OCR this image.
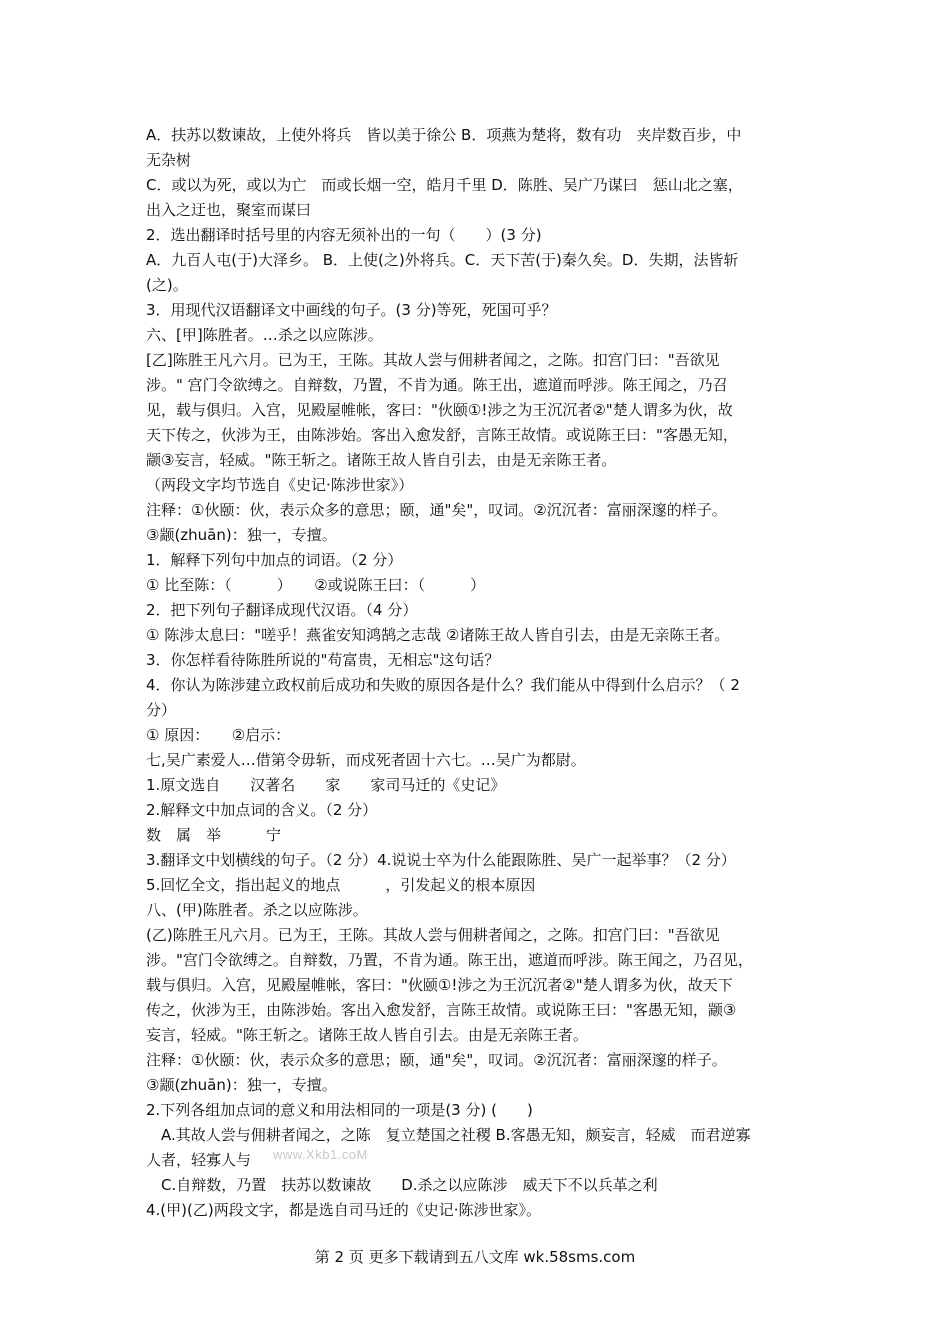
A．扶苏以数谏故，上使外将兵　皆以美于徐公 B．项燕为楚将，数有功　夹岸数百步，中
无杂树
C．或以为死，或以为亡　而或长烟一空，皓月千里 D．陈胜、吴广乃谋曰　惩山北之塞，
出入之迂也，聚室而谋曰
2．选出翻译时括号里的内容无须补出的一句（　　）(3 分)
A．九百人屯(于)大泽乡。 B．上使(之)外将兵。C．天下苦(于)秦久矣。D．失期，法皆斩
(之)。
3．用现代汉语翻译文中画线的句子。(3 分)等死，死国可乎？
六、[甲]陈胜者。…杀之以应陈涉。
[乙]陈胜王凡六月。已为王，王陈。其故人尝与佣耕者闻之，之陈。扣宫门曰："吾欲见
涉。" 宫门令欲缚之。自辩数，乃置，不肯为通。陈王出，遮道而呼涉。陈王闻之，乃召
见，载与俱归。入宫，见殿屋帷帐，客曰："伙颐①!涉之为王沉沉者②"楚人谓多为伙，故
天下传之，伙涉为王，由陈涉始。客出入愈发舒，言陈王故情。或说陈王曰："客愚无知，
颛③妄言，轻威。"陈王斩之。诸陈王故人皆自引去，由是无亲陈王者。
（两段文字均节选自《史记·陈涉世家》）
注释：①伙颐：伙，表示众多的意思；颐，通"矣"，叹词。②沉沉者：富丽深邃的样子。
③颛(zhuān)：独一，专擅。
1．解释下列句中加点的词语。（2 分）
① 比至陈：（　　　）　　②或说陈王曰：（　　　）
2．把下列句子翻译成现代汉语。（4 分）
① 陈涉太息曰："嗟乎！燕雀安知鸿鹄之志哉 ②诸陈王故人皆自引去，由是无亲陈王者。
3．你怎样看待陈胜所说的"苟富贵，无相忘"这句话？
4．你认为陈涉建立政权前后成功和失败的原因各是什么？我们能从中得到什么启示？（ 2
分）
① 原因：　　②启示：
七,吴广素爱人…借第令毋斩，而戍死者固十六七。…吴广为都尉。
1.原文选自　　汉著名　　家　　家司马迁的《史记》
2.解释文中加点词的含义。（2 分）
数　属　举　　　宁
3.翻译文中划横线的句子。（2 分）4.说说士卒为什么能跟陈胜、吴广一起举事？（2 分）
5.回忆全文，指出起义的地点　　　，引发起义的根本原因
八、(甲)陈胜者。杀之以应陈涉。
(乙)陈胜王凡六月。已为王，王陈。其故人尝与佣耕者闻之，之陈。扣宫门曰："吾欲见
涉。"宫门令欲缚之。自辩数，乃置，不肯为通。陈王出，遮道而呼涉。陈王闻之，乃召见，
载与俱归。入宫，见殿屋帷帐，客曰："伙颐①!涉之为王沉沉者②"楚人谓多为伙，故天下
传之，伙涉为王，由陈涉始。客出入愈发舒，言陈王故情。或说陈王曰："客愚无知，颛③
妄言，轻威。"陈王斩之。诸陈王故人皆自引去。由是无亲陈王者。
注释：①伙颐：伙，表示众多的意思；颐，通"矣"，叹词。②沉沉者：富丽深邃的样子。
③颛(zhuān)：独一，专擅。
2.下列各组加点词的意义和用法相同的一项是(3 分) (　　)
　A.其故人尝与佣耕者闻之，之陈　复立楚国之社稷 B.客愚无知，颇妄言，轻威　而君逆寡
人者，轻寡人与
　C.自辩数，乃置　扶苏以数谏故　　D.杀之以应陈涉　威天下不以兵革之利
4.(甲)(乙)两段文字，都是选自司马迁的《史记·陈涉世家》。
www.Xkb1.coM
第 2 页 更多下载请到五八文库 wk.58sms.com
